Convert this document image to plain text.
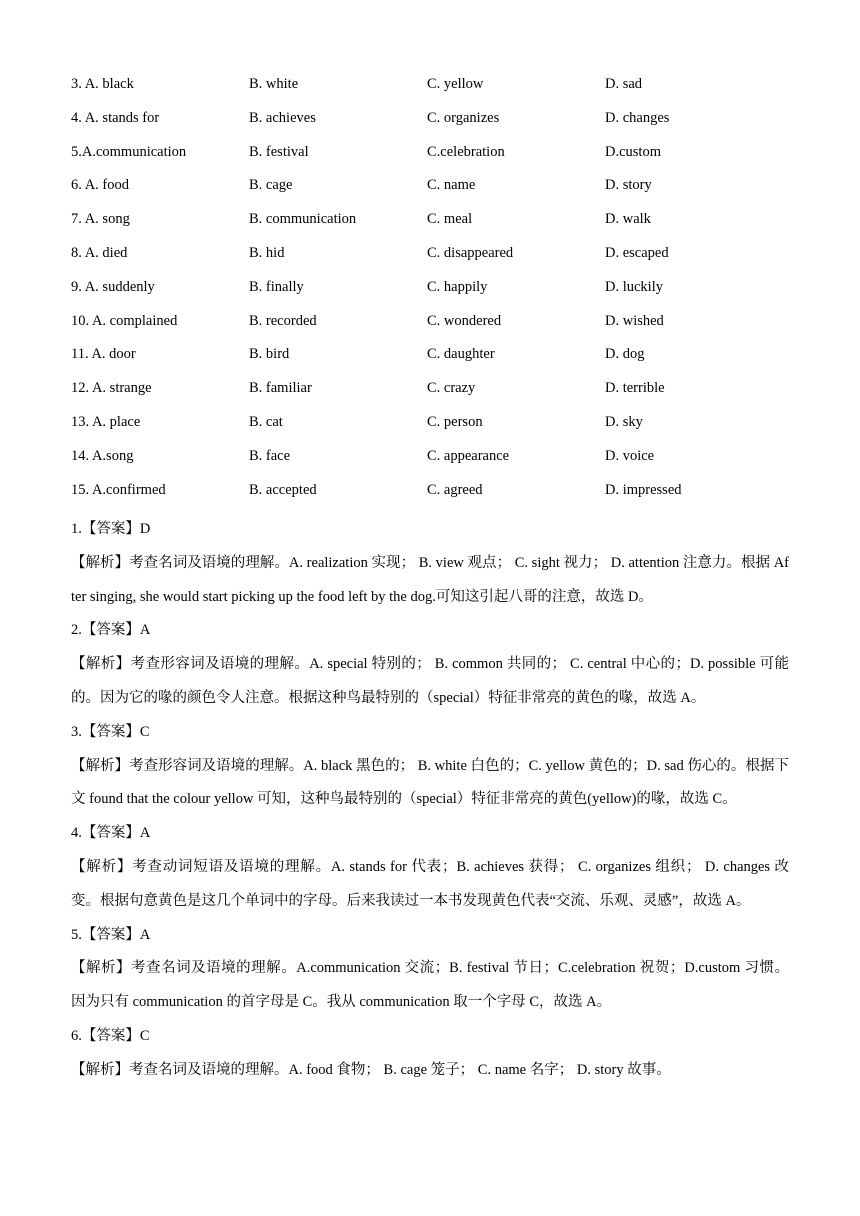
3. A. black	B. white	C. yellow	D. sad
4. A. stands for	B. achieves	C. organizes	D. changes
5.A.communication	B. festival	C.celebration	D.custom
6. A. food	B. cage	C. name	D. story
7. A. song	B. communication	C. meal	D. walk
8. A. died	B. hid	C. disappeared	D. escaped
9. A. suddenly	B. finally	C. happily	D. luckily
10. A. complained	B. recorded	C. wondered	D. wished
11. A. door	B. bird	C. daughter	D. dog
12. A. strange	B. familiar	C. crazy	D. terrible
13. A. place	B. cat	C. person	D. sky
14. A.song	B. face	C. appearance	D. voice
15. A.confirmed	B. accepted	C. agreed	D. impressed
1.【答案】D
【解析】考查名词及语境的理解。A. realization 实现； B. view 观点； C. sight 视力； D. attention 注意力。根据 After singing, she would start picking up the food left by the dog.可知这引起八哥的注意，故选 D。
2.【答案】A
【解析】考查形容词及语境的理解。A. special 特别的； B. common 共同的； C. central 中心的；D. possible 可能的。因为它的喙的颜色令人注意。根据这种鸟最特别的（special）特征非常亮的黄色的喙，故选 A。
3.【答案】C
【解析】考查形容词及语境的理解。A. black 黑色的； B. white 白色的；C. yellow 黄色的；D. sad 伤心的。根据下文 found that the colour yellow 可知，这种鸟最特别的（special）特征非常亮的黄色(yellow)的喙，故选 C。
4.【答案】A
【解析】考查动词短语及语境的理解。A. stands for 代表；B. achieves 获得； C. organizes 组织； D. changes 改变。根据句意黄色是这几个单词中的字母。后来我读过一本书发现黄色代表“交流、乐观、灵感”，故选 A。
5.【答案】A
【解析】考查名词及语境的理解。A.communication 交流；B. festival 节日；C.celebration 祝贺；D.custom 习惯。因为只有 communication 的首字母是 C。我从 communication 取一个字母 C，故选 A。
6.【答案】C
【解析】考查名词及语境的理解。A. food 食物； B. cage 笼子； C. name 名字； D. story 故事。
